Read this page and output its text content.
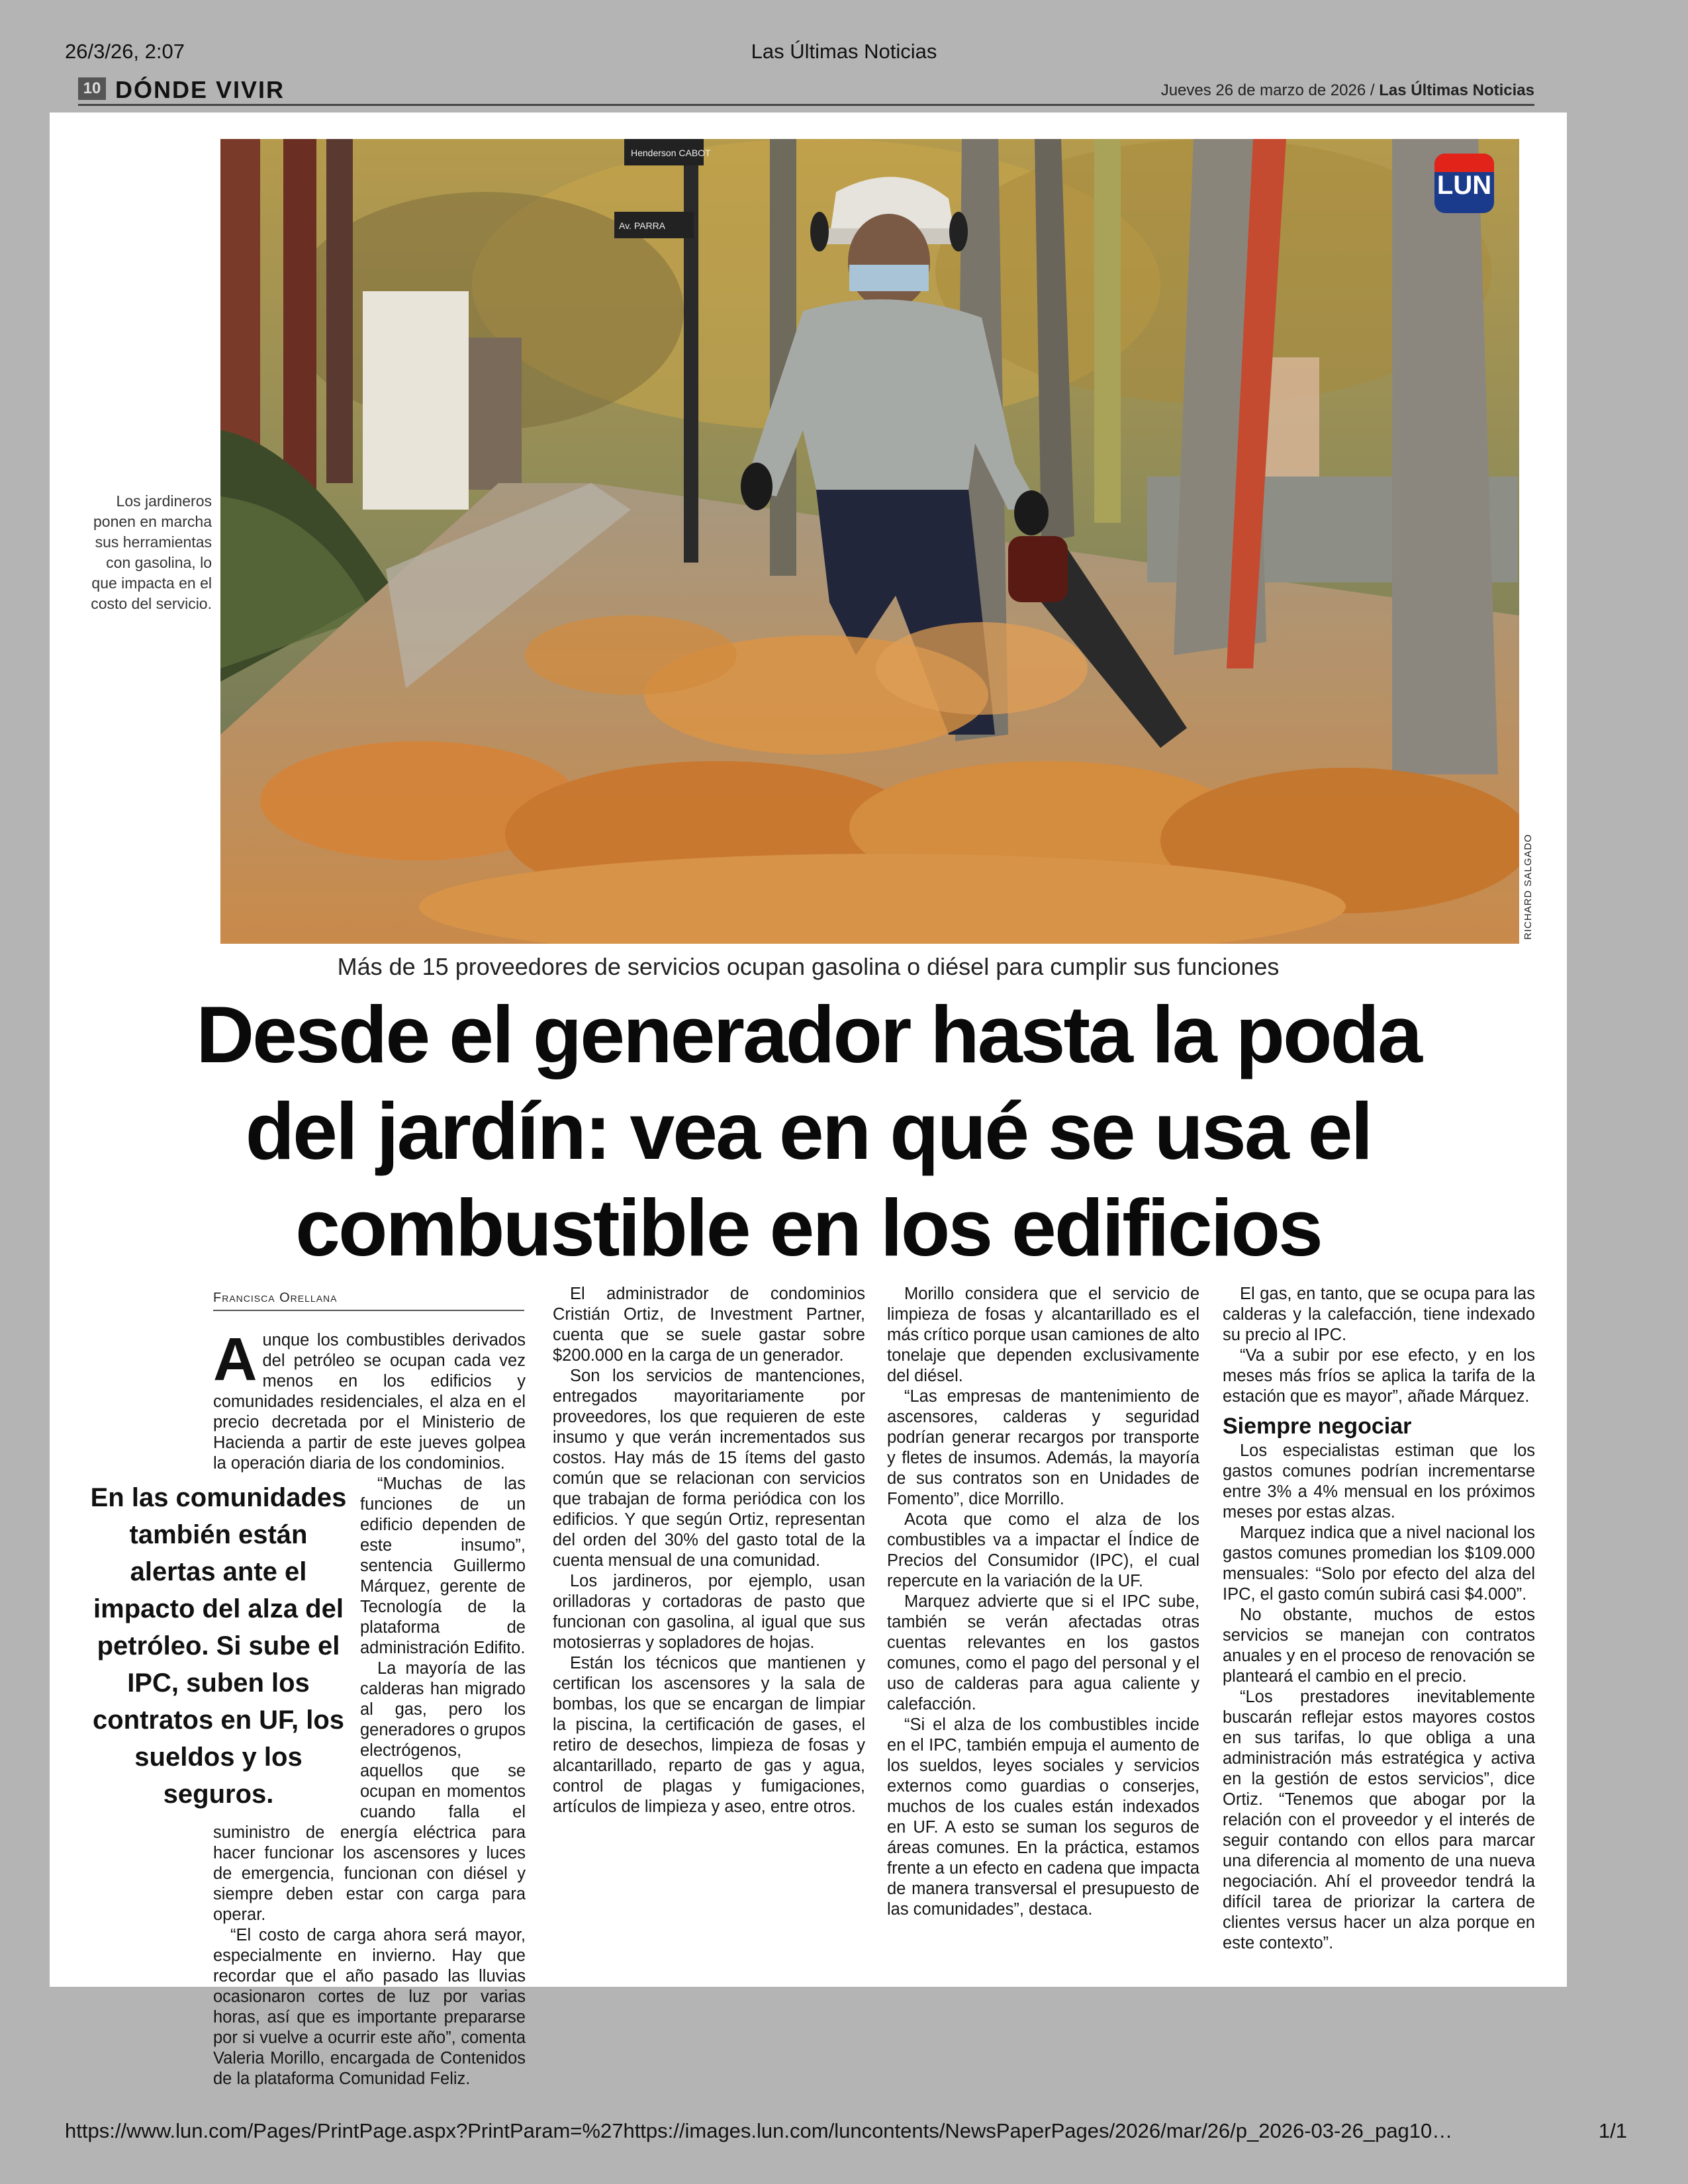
26/3/26, 2:07	Las Últimas Noticias
10 DÓNDE VIVIR	Jueves 26 de marzo de 2026 / Las Últimas Noticias
Henderson CABOT
Av. PARRA
LUN
RICHARD SALGADO
Los jardineros ponen en marcha sus herramientas con gasolina, lo que impacta en el costo del servicio.
Más de 15 proveedores de servicios ocupan gasolina o diésel para cumplir sus funciones
Desde el generador hasta la poda
del jardín: vea en qué se usa el
combustible en los edificios
Francisca Orellana

Aunque los combustibles derivados del petróleo se ocupan cada vez menos en los edificios y comunidades residenciales, el alza en el precio decretada por el Ministerio de Hacienda a partir de este jueves golpea la operación diaria de los condominios.

En las comunidades también están alertas ante el impacto del alza del petróleo. Si sube el IPC, suben los contratos en UF, los sueldos y los seguros.

“Muchas de las funciones de un edificio dependen de este insumo”, sentencia Guillermo Márquez, gerente de Tecnología de la plataforma de administración Edifito.

La mayoría de las calderas han migrado al gas, pero los generadores o grupos electrógenos, aquellos que se ocupan en momentos cuando falla el suministro de energía eléctrica para hacer funcionar los ascensores y luces de emergencia, funcionan con diésel y siempre deben estar con carga para operar.

“El costo de carga ahora será mayor, especialmente en invierno. Hay que recordar que el año pasado las lluvias ocasionaron cortes de luz por varias horas, así que es importante prepararse por si vuelve a ocurrir este año”, comenta Valeria Morillo, encargada de Contenidos de la plataforma Comunidad Feliz.

El administrador de condominios Cristián Ortiz, de Investment Partner, cuenta que se suele gastar sobre $200.000 en la carga de un generador.

Son los servicios de mantenciones, entregados mayoritariamente por proveedores, los que requieren de este insumo y que verán incrementados sus costos. Hay más de 15 ítems del gasto común que se relacionan con servicios que trabajan de forma periódica con los edificios. Y que según Ortiz, representan del orden del 30% del gasto total de la cuenta mensual de una comunidad.

Los jardineros, por ejemplo, usan orilladoras y cortadoras de pasto que funcionan con gasolina, al igual que sus motosierras y sopladores de hojas.

Están los técnicos que mantienen y certifican los ascensores y la sala de bombas, los que se encargan de limpiar la piscina, la certificación de gases, el retiro de desechos, limpieza de fosas y alcantarillado, reparto de gas y agua, control de plagas y fumigaciones, artículos de limpieza y aseo, entre otros.

Morillo considera que el servicio de limpieza de fosas y alcantarillado es el más crítico porque usan camiones de alto tonelaje que dependen exclusivamente del diésel.

“Las empresas de mantenimiento de ascensores, calderas y seguridad podrían generar recargos por transporte y fletes de insumos. Además, la mayoría de sus contratos son en Unidades de Fomento”, dice Morrillo.

Acota que como el alza de los combustibles va a impactar el Índice de Precios del Consumidor (IPC), el cual repercute en la variación de la UF.

Marquez advierte que si el IPC sube, también se verán afectadas otras cuentas relevantes en los gastos comunes, como el pago del personal y el uso de calderas para agua caliente y calefacción.

“Si el alza de los combustibles incide en el IPC, también empuja el aumento de los sueldos, leyes sociales y servicios externos como guardias o conserjes, muchos de los cuales están indexados en UF. A esto se suman los seguros de áreas comunes. En la práctica, estamos frente a un efecto en cadena que impacta de manera transversal el presupuesto de las comunidades”, destaca.

El gas, en tanto, que se ocupa para las calderas y la calefacción, tiene indexado su precio al IPC.

“Va a subir por ese efecto, y en los meses más fríos se aplica la tarifa de la estación que es mayor”, añade Márquez.

Siempre negociar

Los especialistas estiman que los gastos comunes podrían incrementarse entre 3% a 4% mensual en los próximos meses por estas alzas.

Marquez indica que a nivel nacional los gastos comunes promedian los $109.000 mensuales: “Solo por efecto del alza del IPC, el gasto común subirá casi $4.000”.

No obstante, muchos de estos servicios se manejan con contratos anuales y en el proceso de renovación se planteará el cambio en el precio.

“Los prestadores inevitablemente buscarán reflejar estos mayores costos en sus tarifas, lo que obliga a una administración más estratégica y activa en la gestión de estos servicios”, dice Ortiz. “Tenemos que abogar por la relación con el proveedor y el interés de seguir contando con ellos para marcar una diferencia al momento de una nueva negociación. Ahí el proveedor tendrá la difícil tarea de priorizar la cartera de clientes versus hacer un alza porque en este contexto”.

https://www.lun.com/Pages/PrintPage.aspx?PrintParam=%27https://images.lun.com/luncontents/NewsPaperPages/2026/mar/26/p_2026-03-26_pag10…	1/1
